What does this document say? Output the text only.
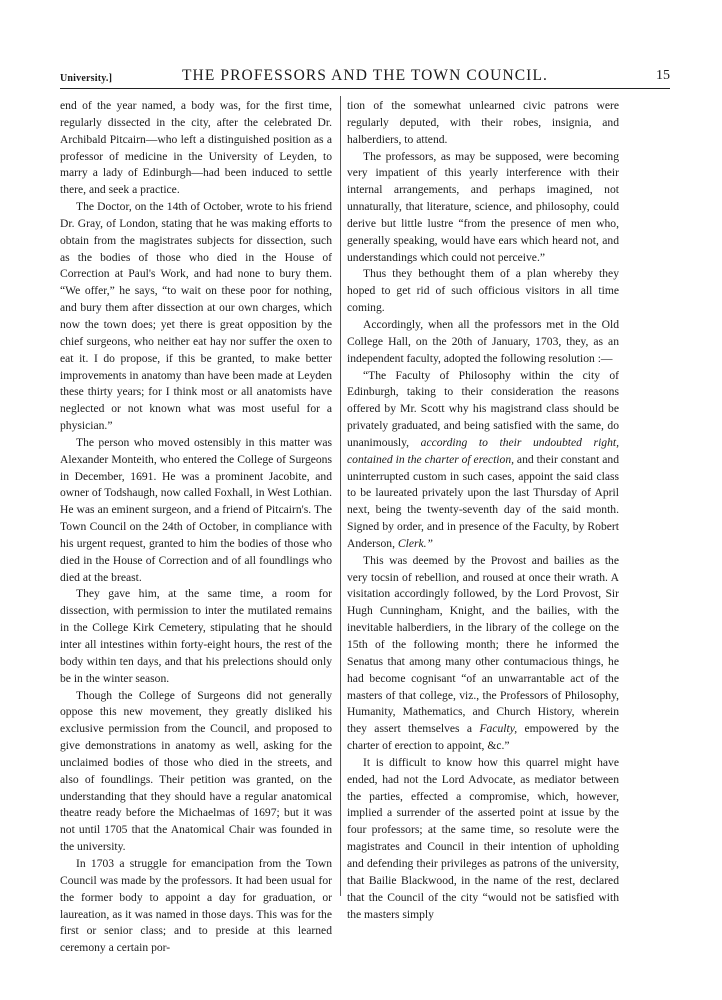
University.]	THE PROFESSORS AND THE TOWN COUNCIL.	15

end of the year named, a body was, for the first time, regularly dissected in the city, after the celebrated Dr. Archibald Pitcairn—who left a distinguished position as a professor of medicine in the University of Leyden, to marry a lady of Edinburgh—had been induced to settle there, and seek a practice.

The Doctor, on the 14th of October, wrote to his friend Dr. Gray, of London, stating that he was making efforts to obtain from the magistrates subjects for dissection, such as the bodies of those who died in the House of Correction at Paul's Work, and had none to bury them. “We offer,” he says, “to wait on these poor for nothing, and bury them after dissection at our own charges, which now the town does; yet there is great opposition by the chief surgeons, who neither eat hay nor suffer the oxen to eat it. I do propose, if this be granted, to make better improvements in anatomy than have been made at Leyden these thirty years; for I think most or all anatomists have neglected or not known what was most useful for a physician.”

The person who moved ostensibly in this matter was Alexander Monteith, who entered the College of Surgeons in December, 1691. He was a prominent Jacobite, and owner of Todshaugh, now called Foxhall, in West Lothian. He was an eminent surgeon, and a friend of Pitcairn's. The Town Council on the 24th of October, in compliance with his urgent request, granted to him the bodies of those who died in the House of Correction and of all foundlings who died at the breast.

They gave him, at the same time, a room for dissection, with permission to inter the mutilated remains in the College Kirk Cemetery, stipulating that he should inter all intestines within forty-eight hours, the rest of the body within ten days, and that his prelections should only be in the winter season.

Though the College of Surgeons did not generally oppose this new movement, they greatly disliked his exclusive permission from the Council, and proposed to give demonstrations in anatomy as well, asking for the unclaimed bodies of those who died in the streets, and also of foundlings. Their petition was granted, on the understanding that they should have a regular anatomical theatre ready before the Michaelmas of 1697; but it was not until 1705 that the Anatomical Chair was founded in the university.

In 1703 a struggle for emancipation from the Town Council was made by the professors. It had been usual for the former body to appoint a day for graduation, or laureation, as it was named in those days. This was for the first or senior class; and to preside at this learned ceremony a certain por-

tion of the somewhat unlearned civic patrons were regularly deputed, with their robes, insignia, and halberdiers, to attend.

The professors, as may be supposed, were becoming very impatient of this yearly interference with their internal arrangements, and perhaps imagined, not unnaturally, that literature, science, and philosophy, could derive but little lustre “from the presence of men who, generally speaking, would have ears which heard not, and understandings which could not perceive.”

Thus they bethought them of a plan whereby they hoped to get rid of such officious visitors in all time coming.

Accordingly, when all the professors met in the Old College Hall, on the 20th of January, 1703, they, as an independent faculty, adopted the following resolution :—

“The Faculty of Philosophy within the city of Edinburgh, taking to their consideration the reasons offered by Mr. Scott why his magistrand class should be privately graduated, and being satisfied with the same, do unanimously, according to their undoubted right, contained in the charter of erection, and their constant and uninterrupted custom in such cases, appoint the said class to be laureated privately upon the last Thursday of April next, being the twenty-seventh day of the said month. Signed by order, and in presence of the Faculty, by Robert Anderson, Clerk.”

This was deemed by the Provost and bailies as the very tocsin of rebellion, and roused at once their wrath. A visitation accordingly followed, by the Lord Provost, Sir Hugh Cunningham, Knight, and the bailies, with the inevitable halberdiers, in the library of the college on the 15th of the following month; there he informed the Senatus that among many other contumacious things, he had become cognisant “of an unwarrantable act of the masters of that college, viz., the Professors of Philosophy, Humanity, Mathematics, and Church History, wherein they assert themselves a Faculty, empowered by the charter of erection to appoint, &c.”

It is difficult to know how this quarrel might have ended, had not the Lord Advocate, as mediator between the parties, effected a compromise, which, however, implied a surrender of the asserted point at issue by the four professors; at the same time, so resolute were the magistrates and Council in their intention of upholding and defending their privileges as patrons of the university, that Bailie Blackwood, in the name of the rest, declared that the Council of the city “would not be satisfied with the masters simply
